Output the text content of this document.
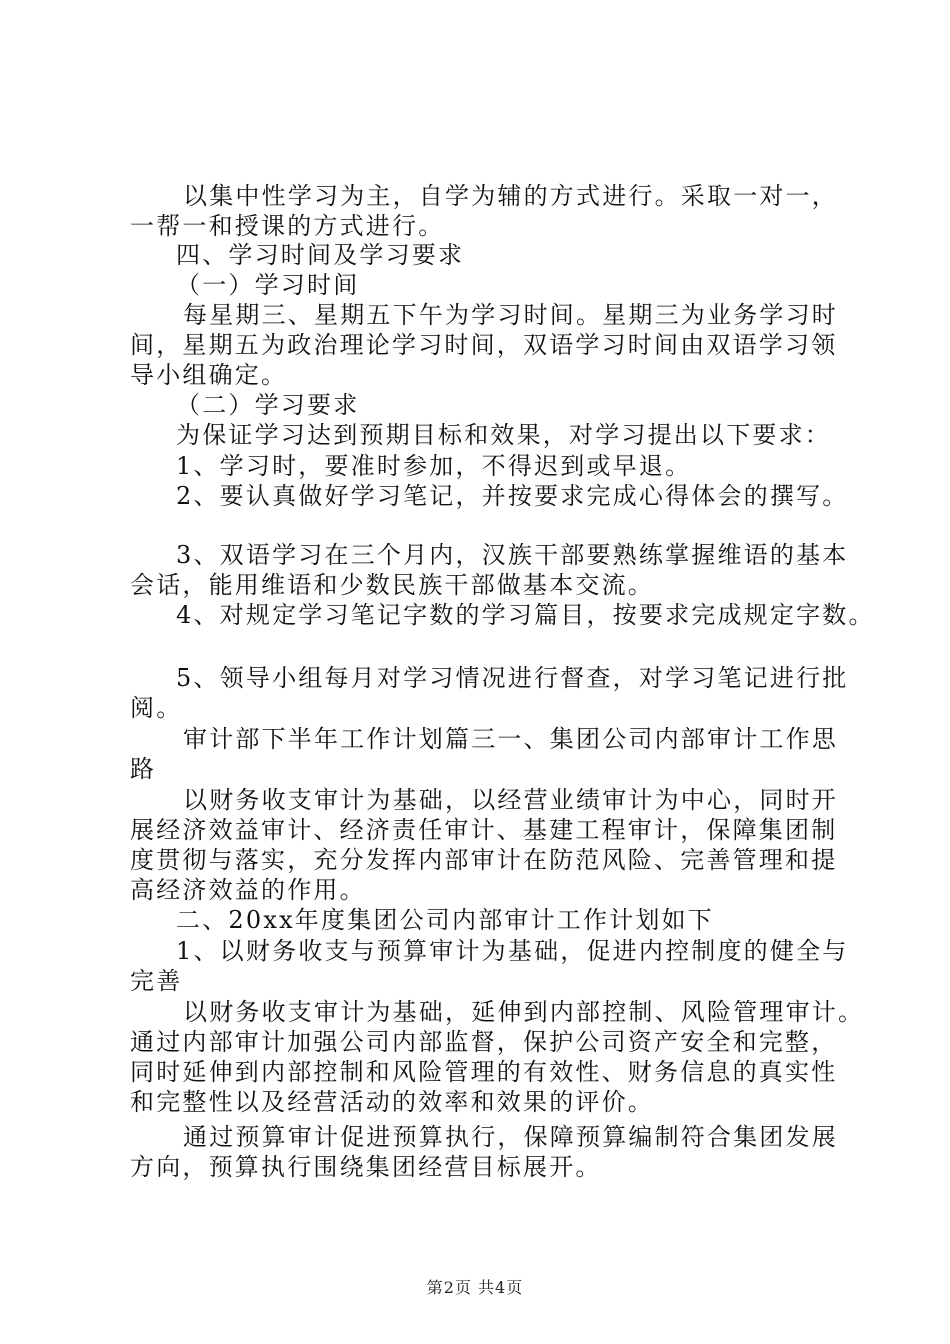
以集中性学习为主，自学为辅的方式进行。采取一对一，
一帮一和授课的方式进行。
四、学习时间及学习要求
（一）学习时间
每星期三、星期五下午为学习时间。星期三为业务学习时
间，星期五为政治理论学习时间，双语学习时间由双语学习领
导小组确定。
（二）学习要求
为保证学习达到预期目标和效果，对学习提出以下要求：
1、学习时，要准时参加，不得迟到或早退。
2、要认真做好学习笔记，并按要求完成心得体会的撰写。
3、双语学习在三个月内，汉族干部要熟练掌握维语的基本
会话，能用维语和少数民族干部做基本交流。
4、对规定学习笔记字数的学习篇目，按要求完成规定字数。
5、领导小组每月对学习情况进行督查，对学习笔记进行批
阅。
审计部下半年工作计划篇三一、集团公司内部审计工作思
路
以财务收支审计为基础，以经营业绩审计为中心，同时开
展经济效益审计、经济责任审计、基建工程审计，保障集团制
度贯彻与落实，充分发挥内部审计在防范风险、完善管理和提
高经济效益的作用。
二、20xx年度集团公司内部审计工作计划如下
1、以财务收支与预算审计为基础，促进内控制度的健全与
完善
以财务收支审计为基础，延伸到内部控制、风险管理审计。
通过内部审计加强公司内部监督，保护公司资产安全和完整，
同时延伸到内部控制和风险管理的有效性、财务信息的真实性
和完整性以及经营活动的效率和效果的评价。
通过预算审计促进预算执行，保障预算编制符合集团发展
方向，预算执行围绕集团经营目标展开。
第2页 共4页
